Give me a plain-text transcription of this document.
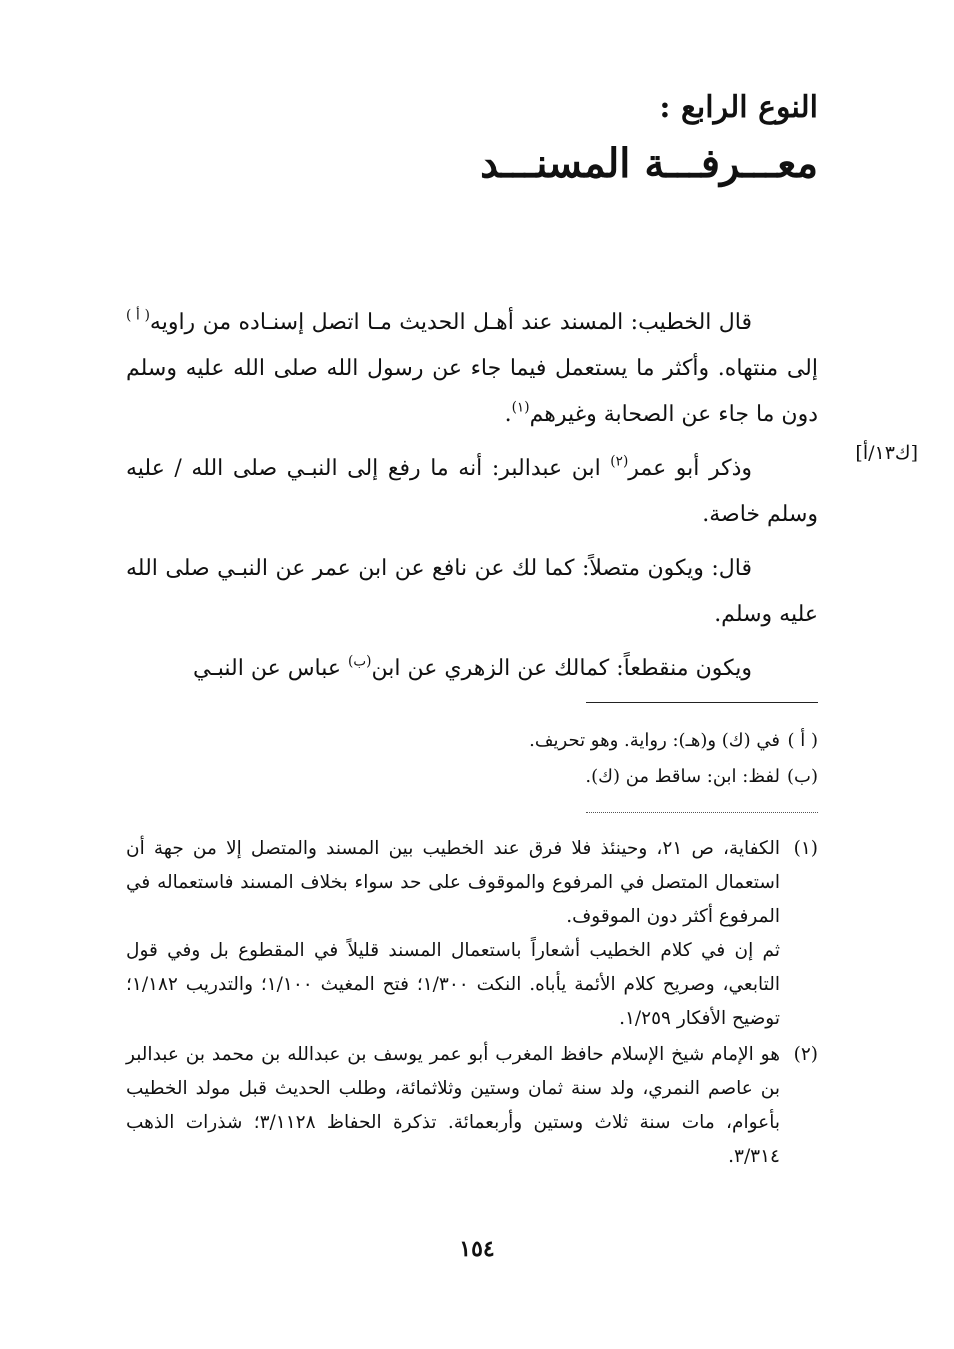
النوع الرابع :
معـــرفـــة المسنـــد
[ك١٣/أ]

قال الخطيب: المسند عند أهـل الحديث مـا اتصل إسنـاده من راويه$^{( أ )}$ إلى منتهاه. وأكثر ما يستعمل فيما جاء عن رسول الله صلى الله عليه وسلم دون ما جاء عن الصحابة وغيرهم$^{(١)}$.

وذكر أبو عمر$^{(٢)}$ ابن عبدالبر: أنه ما رفع إلى النبـي صلى الله / عليه وسلم خاصة.

قال: ويكون متصلاً: كما لك عن نافع عن ابن عمر عن النبـي صلى الله عليه وسلم.

ويكون منقطعاً: كمالك عن الزهري عن ابن$^{(ب)}$ عباس عن النبـي

( أ )
في (ك) و(هـ): رواية. وهو تحريف.
(ب)
لفظ: ابن: ساقط من (ك).
(١)
الكفاية، ص ٢١، وحينئذ فلا فرق عند الخطيب بين المسند والمتصل إلا من جهة أن استعمال المتصل في المرفوع والموقوف على حد سواء بخلاف المسند فاستعماله في المرفوع أكثر دون الموقوف.
ثم إن في كلام الخطيب أشعاراً باستعمال المسند قليلاً في المقطوع بل وفي قول التابعي، وصريح كلام الأئمة يأباه. النكت ١/٣٠٠؛ فتح المغيث ١/١٠٠؛ والتدريب ١/١٨٢؛ توضيح الأفكار ١/٢٥٩.
(٢)
هو الإمام شيخ الإسلام حافظ المغرب أبو عمر يوسف بن عبدالله بن محمد بن عبدالبر بن عاصم النمري، ولد سنة ثمان وستين وثلاثمائة، وطلب الحديث قبل مولد الخطيب بأعوام، مات سنة ثلاث وستين وأربعمائة. تذكرة الحفاظ ٣/١١٢٨؛ شذرات الذهب ٣/٣١٤.
١٥٤
